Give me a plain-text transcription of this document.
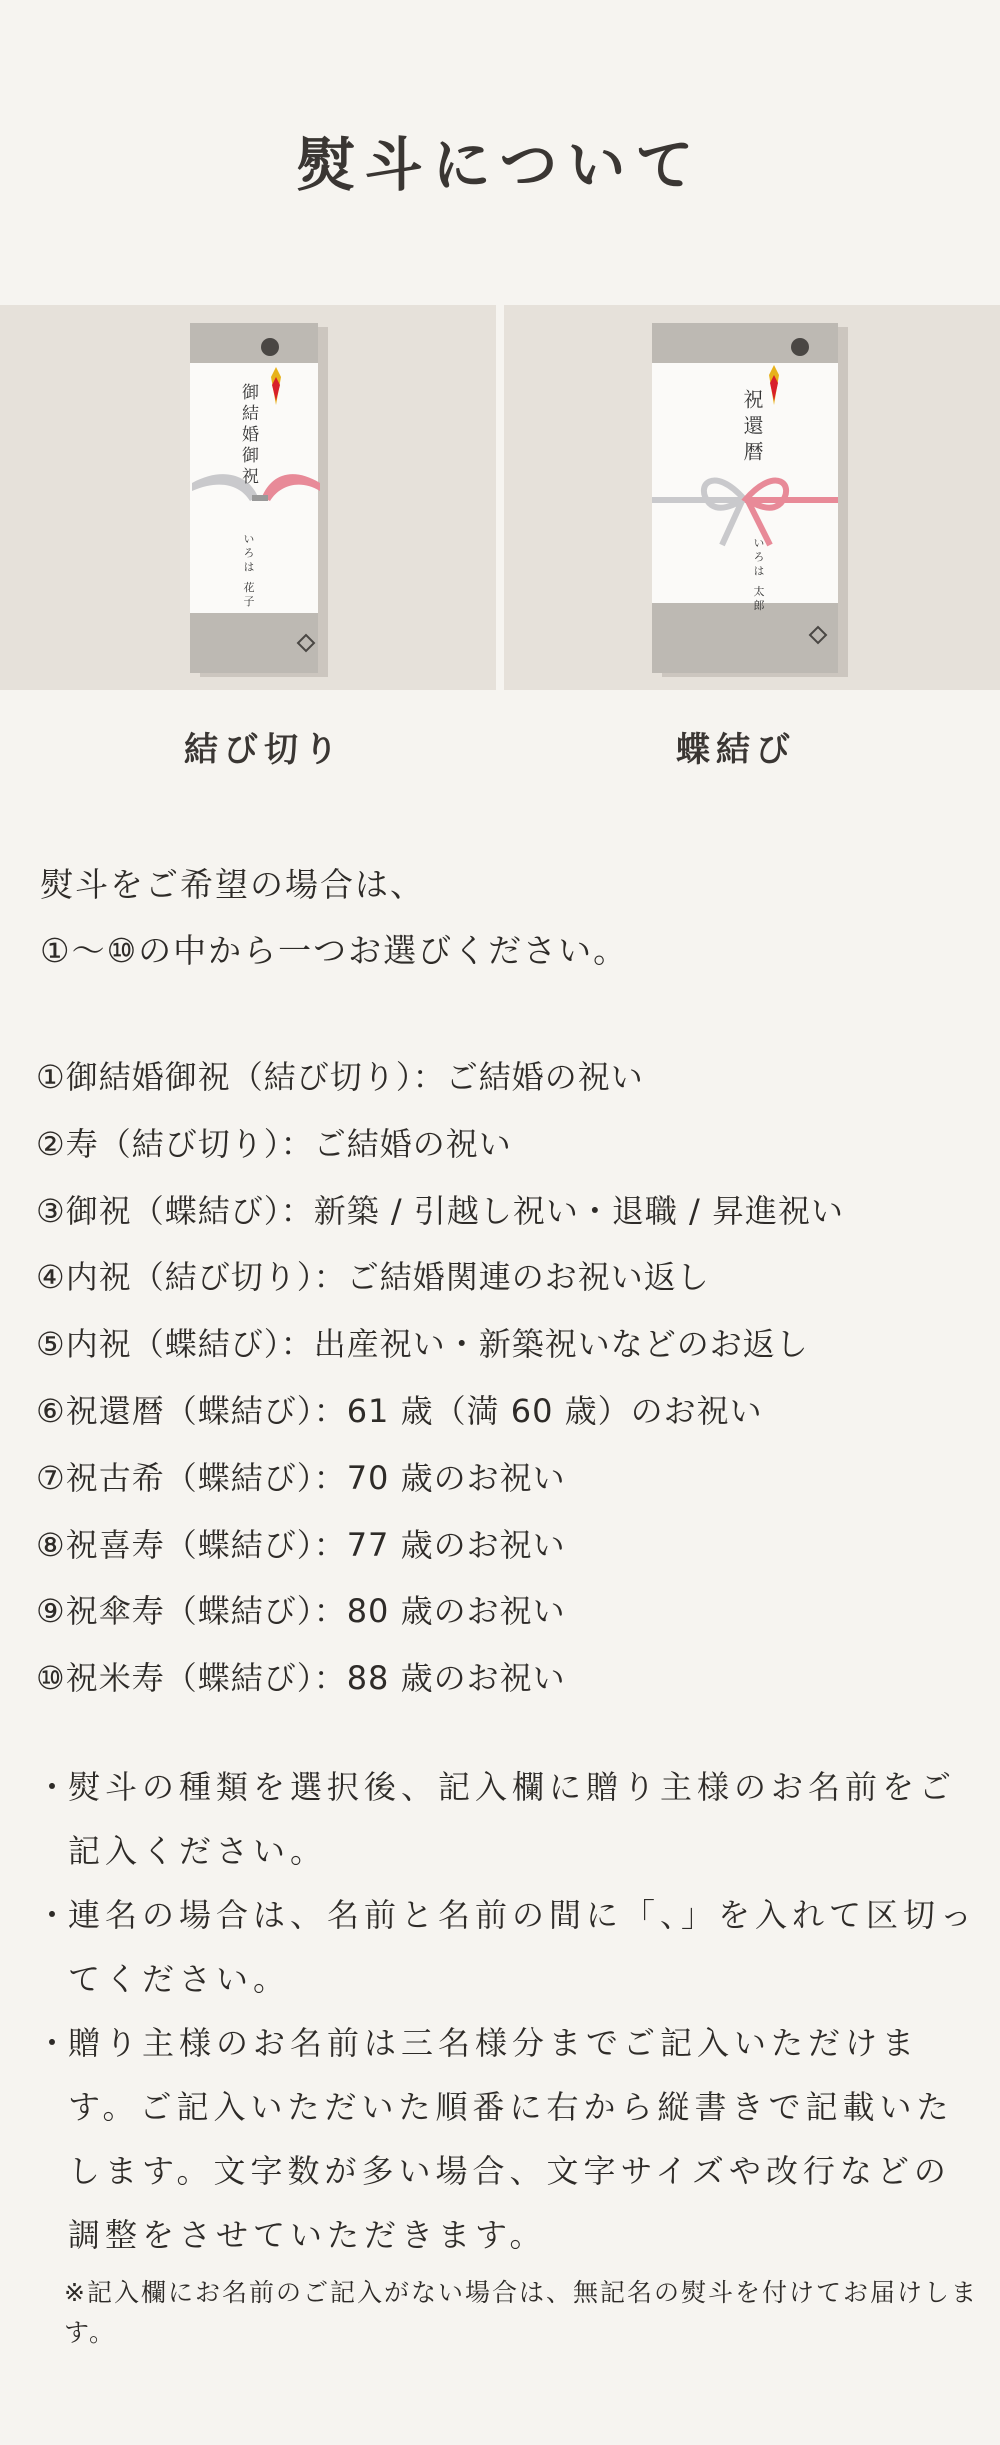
熨斗について
御結婚御祝
いろは 花子
祝還暦
いろは 太郎
結び切り	蝶結び
熨斗をご希望の場合は、
①〜⑩の中から一つお選びください。
①御結婚御祝（結び切り）：ご結婚の祝い
②寿（結び切り）：ご結婚の祝い
③御祝（蝶結び）：新築 / 引越し祝い・退職 / 昇進祝い
④内祝（結び切り）：ご結婚関連のお祝い返し
⑤内祝（蝶結び）：出産祝い・新築祝いなどのお返し
⑥祝還暦（蝶結び）：61 歳（満 60 歳）のお祝い
⑦祝古希（蝶結び）：70 歳のお祝い
⑧祝喜寿（蝶結び）：77 歳のお祝い
⑨祝傘寿（蝶結び）：80 歳のお祝い
⑩祝米寿（蝶結び）：88 歳のお祝い
・
熨斗の種類を選択後、記入欄に贈り主様のお名前をご記入ください。
・
連名の場合は、名前と名前の間に「、」を入れて区切ってください。
・
贈り主様のお名前は三名様分までご記入いただけます。ご記入いただいた順番に右から縦書きで記載いたします。文字数が多い場合、文字サイズや改行などの調整をさせていただきます。
※記入欄にお名前のご記入がない場合は、無記名の熨斗を付けてお届けします。
